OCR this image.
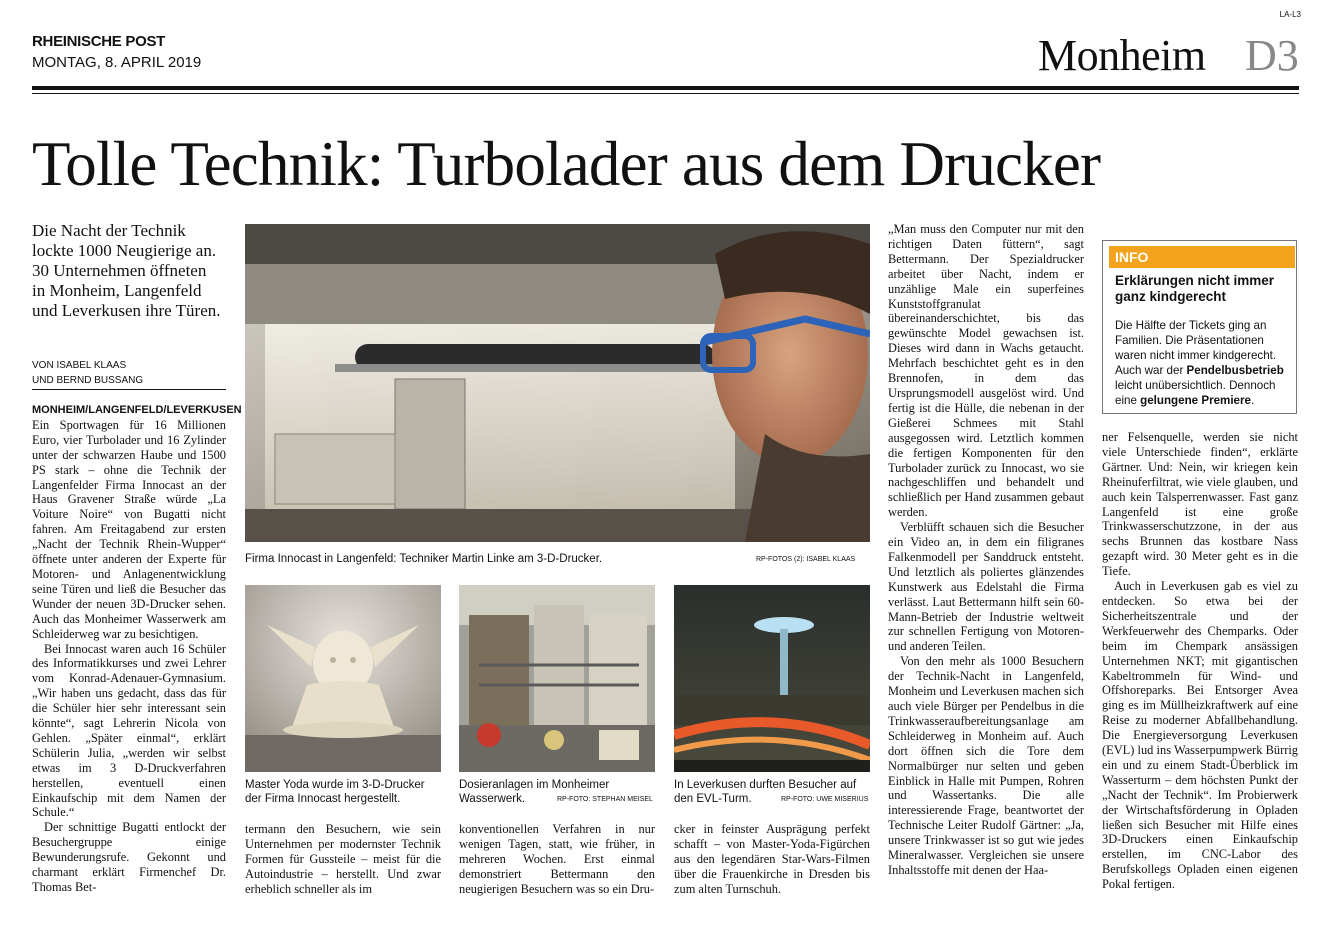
LA-L3
RHEINISCHE POST
MONTAG, 8. APRIL 2019	Monheim D3
Tolle Technik: Turbolader aus dem Drucker
Die Nacht der Technik lockte 1000 Neugierige an. 30 Unternehmen öffneten in Monheim, Langenfeld und Leverkusen ihre Türen.
VON ISABEL KLAAS
UND BERND BUSSANG

MONHEIM/LANGENFELD/LEVERKUSEN Ein Sportwagen für 16 Millionen Euro, vier Turbolader und 16 Zylinder unter der schwarzen Haube und 1500 PS stark – ohne die Technik der Langenfelder Firma Innocast an der Haus Gravener Straße würde „La Voiture Noire“ von Bugatti nicht fahren. Am Freitagabend zur ersten „Nacht der Technik Rhein-Wupper“ öffnete unter anderen der Experte für Motoren- und Anlagenentwicklung seine Türen und ließ die Besucher das Wunder der neuen 3D-Drucker sehen. Auch das Monheimer Wasserwerk am Schleiderweg war zu besichtigen.

Bei Innocast waren auch 16 Schüler des Informatikkurses und zwei Lehrer vom Konrad-Adenauer-Gymnasium. „Wir haben uns gedacht, dass das für die Schüler hier sehr interessant sein könnte“, sagt Lehrerin Nicola von Gehlen. „Später einmal“, erklärt Schülerin Julia, „werden wir selbst etwas im 3 D-Druckverfahren herstellen, eventuell einen Einkaufschip mit dem Namen der Schule.“

Der schnittige Bugatti entlockt der Besuchergruppe einige Bewunderungsrufe. Gekonnt und charmant erklärt Firmenchef Dr. Thomas Bet-

Firma Innocast in Langenfeld: Techniker Martin Linke am 3-D-Drucker.	RP-FOTOS (2): ISABEL KLAAS
Master Yoda wurde im 3-D-Drucker der Firma Innocast hergestellt.
Dosieranlagen im Monheimer Wasserwerk.	RP-FOTO: STEPHAN MEISEL
In Leverkusen durften Besucher auf den EVL-Turm.	RP-FOTO: UWE MISERIUS
termann den Besuchern, wie sein Unternehmen per modernster Technik Formen für Gussteile – meist für die Autoindustrie – herstellt. Und zwar erheblich schneller als im
konventionellen Verfahren in nur wenigen Tagen, statt, wie früher, in mehreren Wochen. Erst einmal demonstriert Bettermann den neugierigen Besuchern was so ein Dru-
cker in feinster Ausprägung perfekt schafft – von Master-Yoda-Figürchen aus den legendären Star-Wars-Filmen über die Frauenkirche in Dresden bis zum alten Turnschuh.

„Man muss den Computer nur mit den richtigen Daten füttern“, sagt Bettermann. Der Spezialdrucker arbeitet über Nacht, indem er unzählige Male ein superfeines Kunststoffgranulat übereinanderschichtet, bis das gewünschte Model gewachsen ist. Dieses wird dann in Wachs getaucht. Mehrfach beschichtet geht es in den Brennofen, in dem das Ursprungsmodell ausgelöst wird. Und fertig ist die Hülle, die nebenan in der Gießerei Schmees mit Stahl ausgegossen wird. Letztlich kommen die fertigen Komponenten für den Turbolader zurück zu Innocast, wo sie nachgeschliffen und behandelt und schließlich per Hand zusammen gebaut werden.

Verblüfft schauen sich die Besucher ein Video an, in dem ein filigranes Falkenmodell per Sanddruck entsteht. Und letztlich als poliertes glänzendes Kunstwerk aus Edelstahl die Firma verlässt. Laut Bettermann hilft sein 60-Mann-Betrieb der Industrie weltweit zur schnellen Fertigung von Motoren- und anderen Teilen.

Von den mehr als 1000 Besuchern der Technik-Nacht in Langenfeld, Monheim und Leverkusen machen sich auch viele Bürger per Pendelbus in die Trinkwasseraufbereitungsanlage am Schleiderweg in Monheim auf. Auch dort öffnen sich die Tore dem Normalbürger nur selten und geben Einblick in Halle mit Pumpen, Rohren und Wassertanks. Die alle interessierende Frage, beantwortet der Technische Leiter Rudolf Gärtner: „Ja, unsere Trinkwasser ist so gut wie jedes Mineralwasser. Vergleichen sie unsere Inhaltsstoffe mit denen der Haa-

INFO
Erklärungen nicht immer ganz kindgerecht
Die Hälfte der Tickets ging an Familien. Die Präsentationen waren nicht immer kindgerecht. Auch war der Pendelbusbetrieb leicht unübersichtlich. Dennoch eine gelungene Premiere.

ner Felsenquelle, werden sie nicht viele Unterschiede finden“, erklärte Gärtner. Und: Nein, wir kriegen kein Rheinuferfiltrat, wie viele glauben, und auch kein Talsperrenwasser. Fast ganz Langenfeld ist eine große Trinkwasserschutzzone, in der aus sechs Brunnen das kostbare Nass gezapft wird. 30 Meter geht es in die Tiefe.

Auch in Leverkusen gab es viel zu entdecken. So etwa bei der Sicherheitszentrale und der Werkfeuerwehr des Chemparks. Oder beim im Chempark ansässigen Unternehmen NKT; mit gigantischen Kabeltrommeln für Wind- und Offshoreparks. Bei Entsorger Avea ging es im Müllheizkraftwerk auf eine Reise zu moderner Abfallbehandlung. Die Energieversorgung Leverkusen (EVL) lud ins Wasserpumpwerk Bürrig ein und zu einem Stadt-Überblick im Wasserturm – dem höchsten Punkt der „Nacht der Technik“. Im Probierwerk der Wirtschaftsförderung in Opladen ließen sich Besucher mit Hilfe eines 3D-Druckers einen Einkaufschip erstellen, im CNC-Labor des Berufskollegs Opladen einen eigenen Pokal fertigen.
